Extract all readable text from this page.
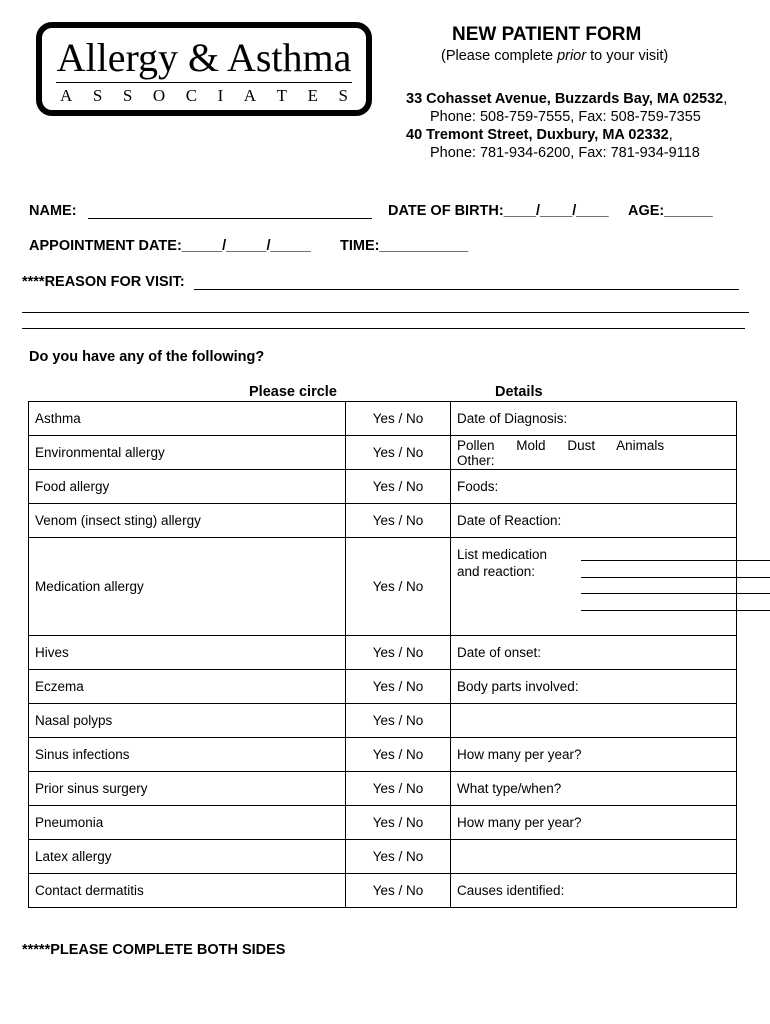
Allergy & Asthma
A S S O C I A T E S
NEW PATIENT FORM
(Please complete prior to your visit)
33 Cohasset Avenue, Buzzards Bay, MA 02532,
Phone: 508-759-7555, Fax: 508-759-7355
40 Tremont Street, Duxbury, MA 02332,
Phone: 781-934-6200, Fax: 781-934-9118
NAME:	DATE OF BIRTH:____/____/____ AGE:______
APPOINTMENT DATE:_____/_____/_____ TIME:___________
****REASON FOR VISIT:
Do you have any of the following?
Please circle	Details
Asthma	Yes / No	Date of Diagnosis:
Environmental allergy	Yes / No	Pollen Mold Dust Animals Other:
Food allergy	Yes / No	Foods:
Venom (insect sting) allergy	Yes / No	Date of Reaction:
Medication allergy	Yes / No	List medication
and reaction:

Hives	Yes / No	Date of onset:
Eczema	Yes / No	Body parts involved:
Nasal polyps	Yes / No	
Sinus infections	Yes / No	How many per year?
Prior sinus surgery	Yes / No	What type/when?
Pneumonia	Yes / No	How many per year?
Latex allergy	Yes / No	
Contact dermatitis	Yes / No	Causes identified:
*****PLEASE COMPLETE BOTH SIDES
